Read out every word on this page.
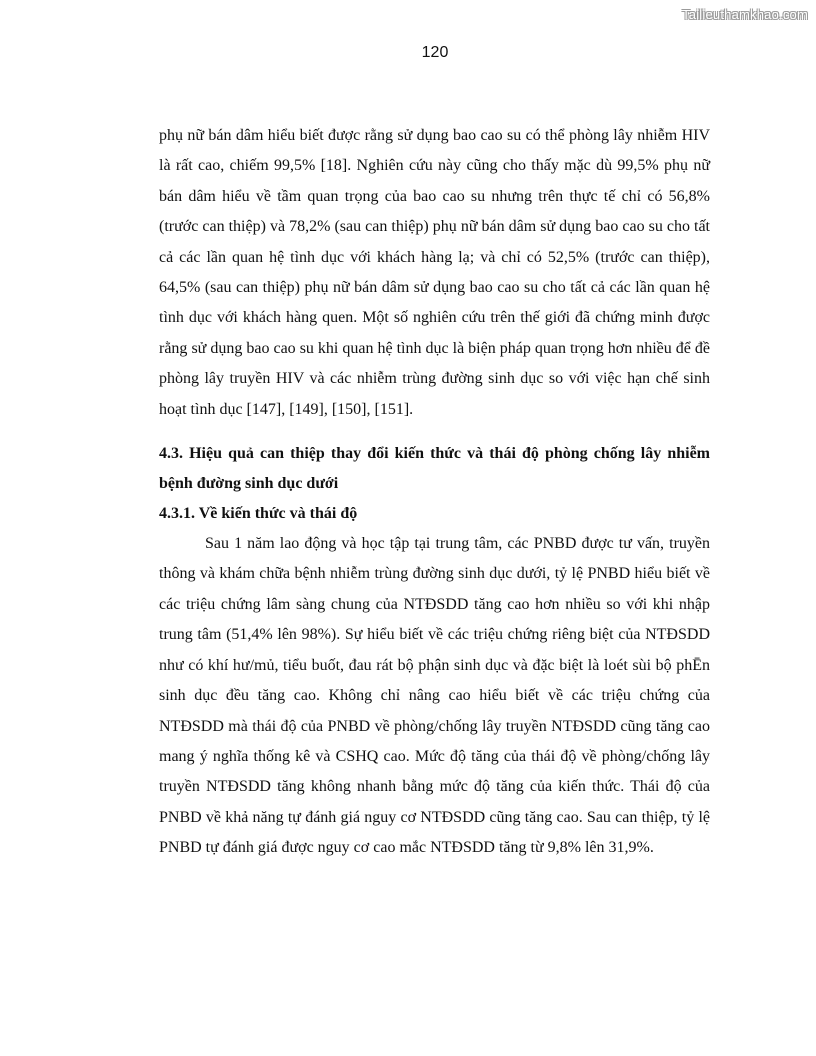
Tailieuthamkhao.com
120

phụ nữ bán dâm hiểu biết được rằng sử dụng bao cao su có thể phòng lây nhiễm HIV là rất cao, chiếm 99,5% [18]. Nghiên cứu này cũng cho thấy mặc dù 99,5% phụ nữ bán dâm hiểu về tầm quan trọng của bao cao su nhưng trên thực tế chỉ có 56,8% (trước can thiệp) và 78,2% (sau can thiệp) phụ nữ bán dâm sử dụng bao cao su cho tất cả các lần quan hệ tình dục với khách hàng lạ; và chỉ có 52,5% (trước can thiệp), 64,5% (sau can thiệp) phụ nữ bán dâm sử dụng bao cao su cho tất cả các lần quan hệ tình dục với khách hàng quen. Một số nghiên cứu trên thế giới đã chứng minh được rằng sử dụng bao cao su khi quan hệ tình dục là biện pháp quan trọng hơn nhiều để đề phòng lây truyền HIV và các nhiễm trùng đường sinh dục so với việc hạn chế sinh hoạt tình dục [147], [149], [150], [151].

4.3. Hiệu quả can thiệp thay đổi kiến thức và thái độ phòng chống lây nhiễm bệnh đường sinh dục dưới
4.3.1. Về kiến thức và thái độ

Sau 1 năm lao động và học tập tại trung tâm, các PNBD được tư vấn, truyền thông và khám chữa bệnh nhiễm trùng đường sinh dục dưới, tỷ lệ PNBD hiểu biết về các triệu chứng lâm sàng chung của NTĐSDD tăng cao hơn nhiều so với khi nhập trung tâm (51,4% lên 98%). Sự hiểu biết về các triệu chứng riêng biệt của NTĐSDD như có khí hư/mủ, tiểu buốt, đau rát bộ phận sinh dục và đặc biệt là loét sùi bộ phĒn sinh dục đều tăng cao. Không chỉ nâng cao hiểu biết về các triệu chứng của NTĐSDD mà thái độ của PNBD về phòng/chống lây truyền NTĐSDD cũng tăng cao mang ý nghĩa thống kê và CSHQ cao. Mức độ tăng của thái độ về phòng/chống lây truyền NTĐSDD tăng không nhanh bằng mức độ tăng của kiến thức. Thái độ của PNBD về khả năng tự đánh giá nguy cơ NTĐSDD cũng tăng cao. Sau can thiệp, tỷ lệ PNBD tự đánh giá được nguy cơ cao mắc NTĐSDD tăng từ 9,8% lên 31,9%.
